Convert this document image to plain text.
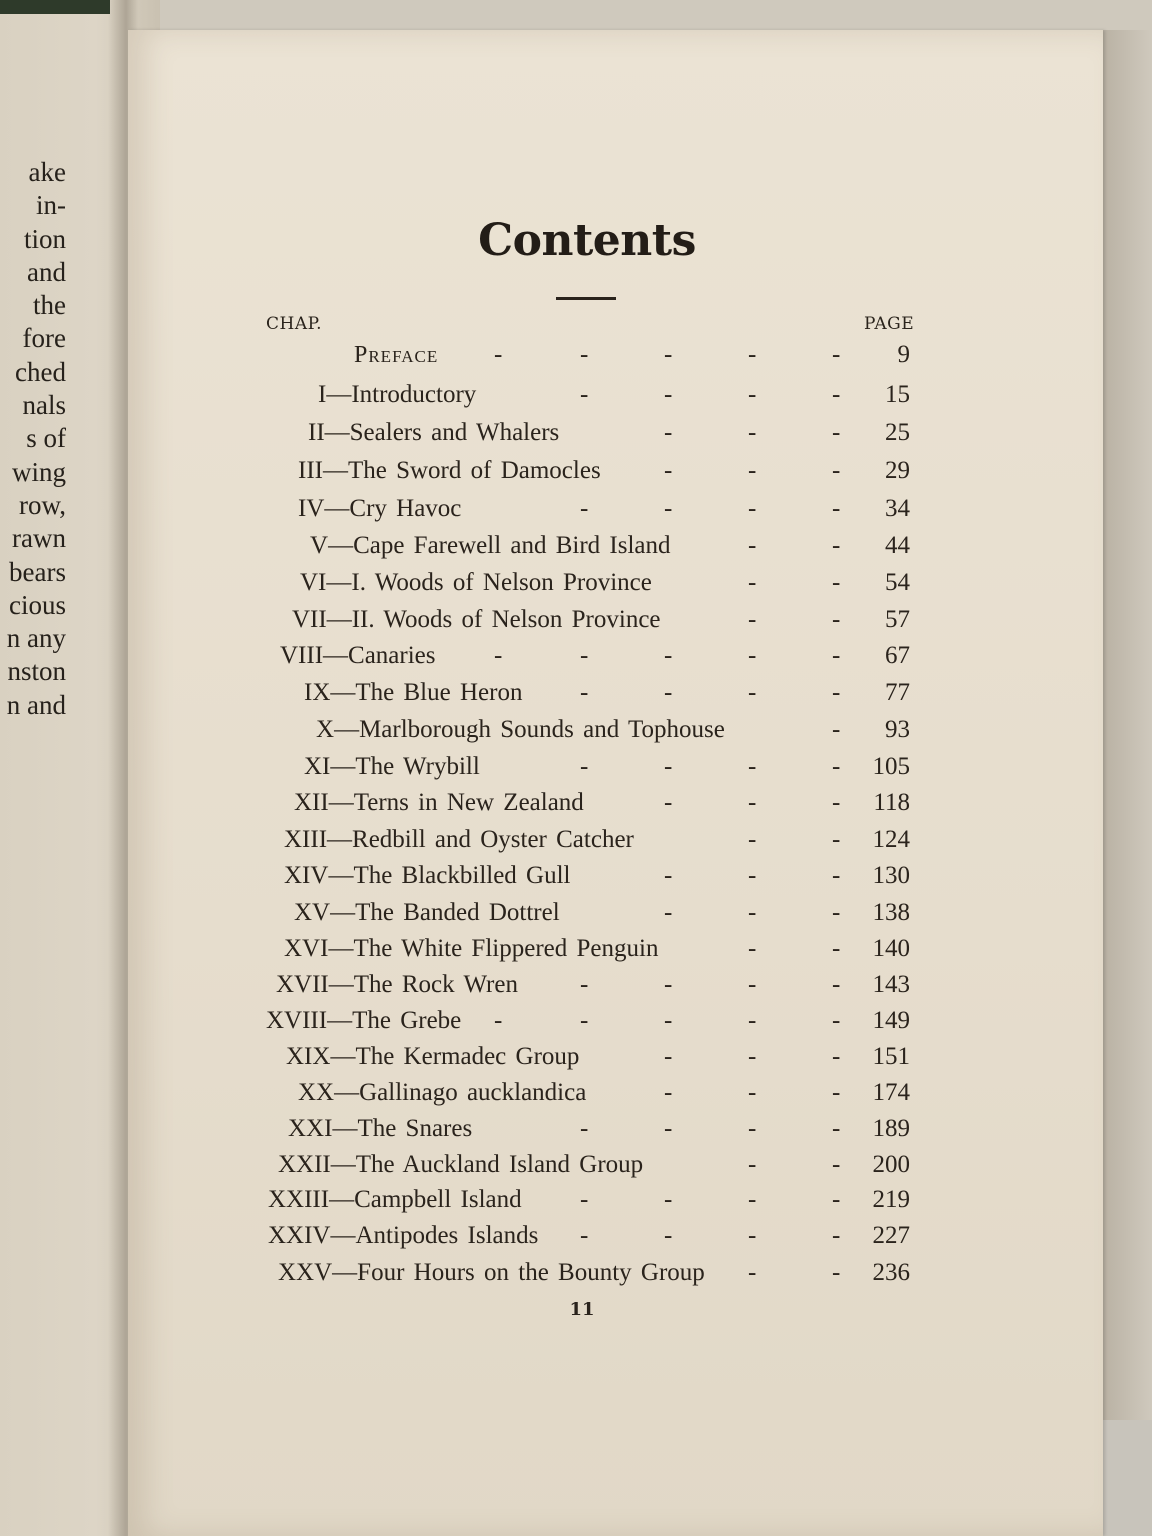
ake
in-
tion
and
the
fore
ched
nals
s of
wing
row,
rawn
bears
cious
n any
nston
n and
Contents
CHAP.	PAGE
Preface -	-	-	-	-	9
I—Introductory	-	-	-	-	15
II—Sealers and Whalers	-	-	-	25
III—The Sword of Damocles	-	-	-	29
IV—Cry Havoc	-	-	-	-	34
V—Cape Farewell and Bird Island	-	-	44
VI—I. Woods of Nelson Province	-	-	54
VII—II. Woods of Nelson Province	-	-	57
VIII—Canaries -	-	-	-	-	67
IX—The Blue Heron -	-	-	-	77
X—Marlborough Sounds and Tophouse	-	93
XI—The Wrybill	-	-	-	-	105
XII—Terns in New Zealand	-	-	-	118
XIII—Redbill and Oyster Catcher	-	-	124
XIV—The Blackbilled Gull	-	-	-	130
XV—The Banded Dottrel	-	-	-	138
XVI—The White Flippered Penguin	-	-	140
XVII—The Rock Wren -	-	-	-	143
XVIII—The Grebe -	-	-	-	-	149
XIX—The Kermadec Group	-	-	-	151
XX—Gallinago aucklandica	-	-	-	174
XXI—The Snares	-	-	-	-	189
XXII—The Auckland Island Group	-	-	200
XXIII—Campbell Island -	-	-	-	219
XXIV—Antipodes Islands -	-	-	-	227
XXV—Four Hours on the Bounty Group -	-	236
11
